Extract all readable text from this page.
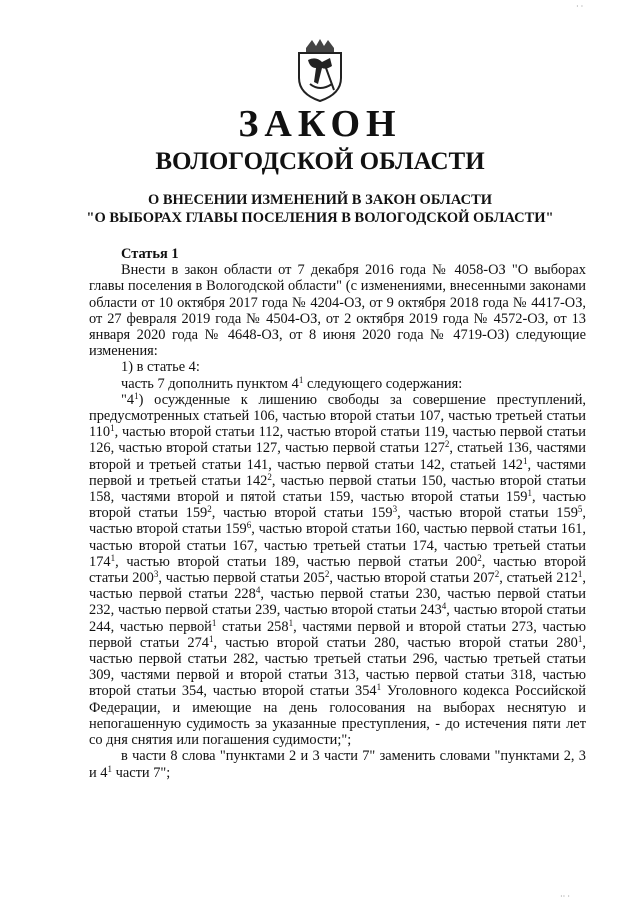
ЗАКОН
ВОЛОГОДСКОЙ ОБЛАСТИ
О ВНЕСЕНИИ ИЗМЕНЕНИЙ В ЗАКОН ОБЛАСТИ
"О ВЫБОРАХ ГЛАВЫ ПОСЕЛЕНИЯ В ВОЛОГОДСКОЙ ОБЛАСТИ"

Статья 1

Внести в закон области от 7 декабря 2016 года № 4058-ОЗ "О выборах главы поселения в Вологодской области" (с изменениями, внесенными законами области от 10 октября 2017 года № 4204-ОЗ, от 9 октября 2018 года № 4417-ОЗ, от 27 февраля 2019 года № 4504-ОЗ, от 2 октября 2019 года № 4572-ОЗ, от 13 января 2020 года № 4648-ОЗ, от 8 июня 2020 года № 4719-ОЗ) следующие изменения:

1) в статье 4:

часть 7 дополнить пунктом $4^1$ следующего содержания:

"$4^1$) осужденные к лишению свободы за совершение преступлений, предусмотренных статьей 106, частью второй статьи 107, частью третьей статьи $110^1$, частью второй статьи 112, частью второй статьи 119, частью первой статьи 126, частью второй статьи 127, частью первой статьи $127^2$, статьей 136, частями второй и третьей статьи 141, частью первой статьи 142, статьей $142^1$, частями первой и третьей статьи $142^2$, частью первой статьи 150, частью второй статьи 158, частями второй и пятой статьи 159, частью второй статьи $159^1$, частью второй статьи $159^2$, частью второй статьи $159^3$, частью второй статьи $159^5$, частью второй статьи $159^6$, частью второй статьи 160, частью первой статьи 161, частью второй статьи 167, частью третьей статьи 174, частью третьей статьи $174^1$, частью второй статьи 189, частью первой статьи $200^2$, частью второй статьи $200^3$, частью первой статьи $205^2$, частью второй статьи $207^2$, статьей $212^1$, частью первой статьи $228^4$, частью первой статьи 230, частью первой статьи 232, частью первой статьи 239, частью второй статьи $243^4$, частью второй статьи 244, частью первой$^1$ статьи $258^1$, частями первой и второй статьи 273, частью первой статьи $274^1$, частью второй статьи 280, частью второй статьи $280^1$, частью первой статьи 282, частью третьей статьи 296, частью третьей статьи 309, частями первой и второй статьи 313, частью первой статьи 318, частью второй статьи 354, частью второй статьи $354^1$ Уголовного кодекса Российской Федерации, и имеющие на день голосования на выборах неснятую и непогашенную судимость за указанные преступления, - до истечения пяти лет со дня снятия или погашения судимости;";

в части 8 слова "пунктами 2 и 3 части 7" заменить словами "пунктами 2, 3 и $4^1$ части 7";

· ·
·· ·
